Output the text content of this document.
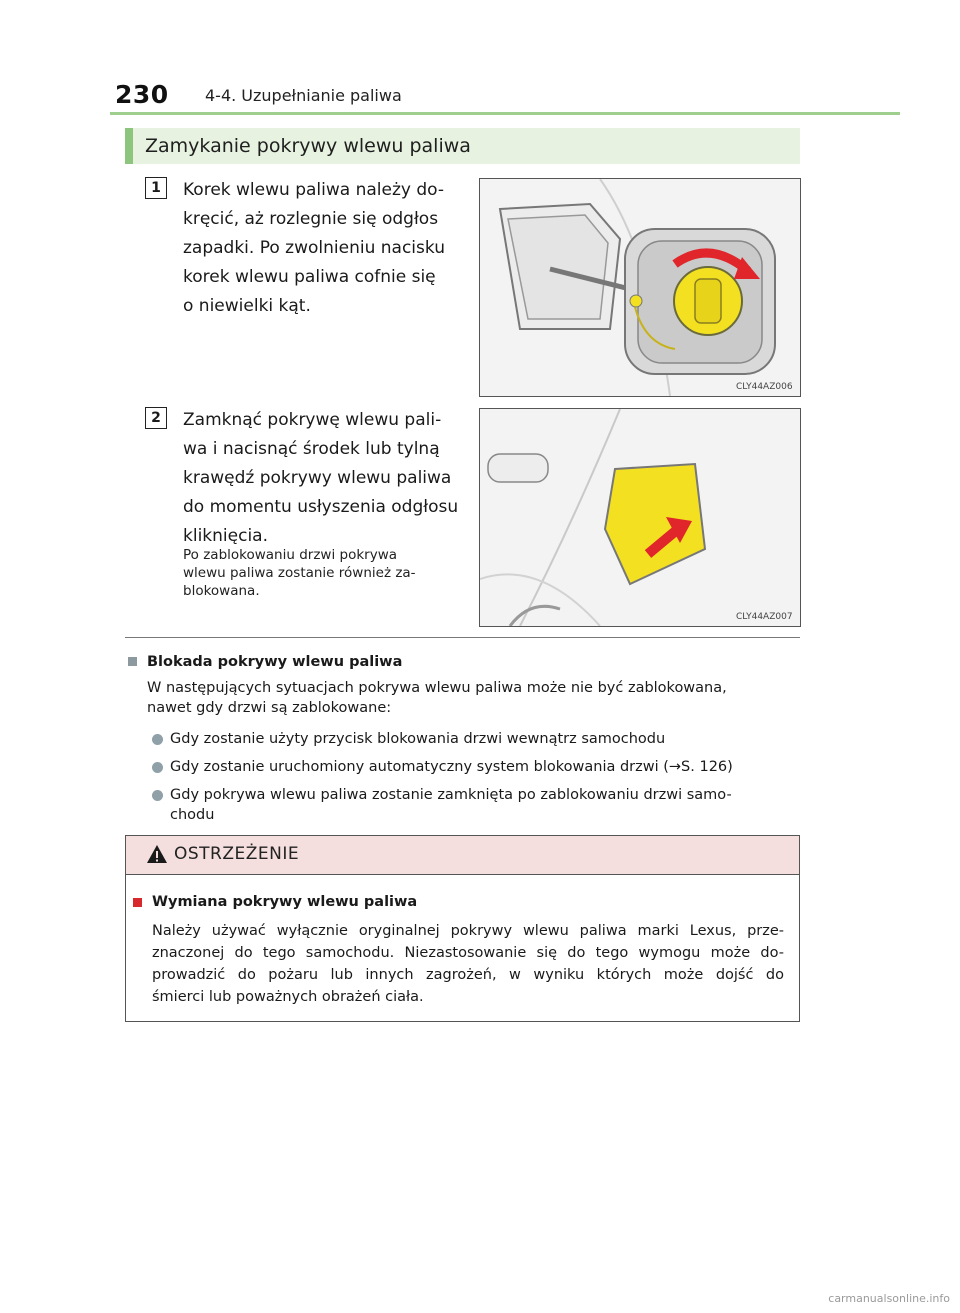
230 4-4. Uzupełnianie paliwa
Zamykanie pokrywy wlewu paliwa
1	Korek wlewu paliwa należy do-
kręcić, aż rozlegnie się odgłos
zapadki. Po zwolnieniu nacisku
korek wlewu paliwa cofnie się
o niewielki kąt.
CLY44AZ006
2	Zamknąć pokrywę wlewu pali-
wa i nacisnąć środek lub tylną
krawędź pokrywy wlewu paliwa
do momentu usłyszenia odgłosu
kliknięcia.
Po zablokowaniu drzwi pokrywa
wlewu paliwa zostanie również za-
blokowana.
CLY44AZ007
Blokada pokrywy wlewu paliwa
W następujących sytuacjach pokrywa wlewu paliwa może nie być zablokowana,
nawet gdy drzwi są zablokowane:
Gdy zostanie użyty przycisk blokowania drzwi wewnątrz samochodu
Gdy zostanie uruchomiony automatyczny system blokowania drzwi (→S. 126)
Gdy pokrywa wlewu paliwa zostanie zamknięta po zablokowaniu drzwi samo-
chodu
OSTRZEŻENIE
Wymiana pokrywy wlewu paliwa
Należy używać wyłącznie oryginalnej pokrywy wlewu paliwa marki Lexus, prze-
znaczonej do tego samochodu. Niezastosowanie się do tego wymogu może do-
prowadzić do pożaru lub innych zagrożeń, w wyniku których może dojść do
śmierci lub poważnych obrażeń ciała.
carmanualsonline.info
